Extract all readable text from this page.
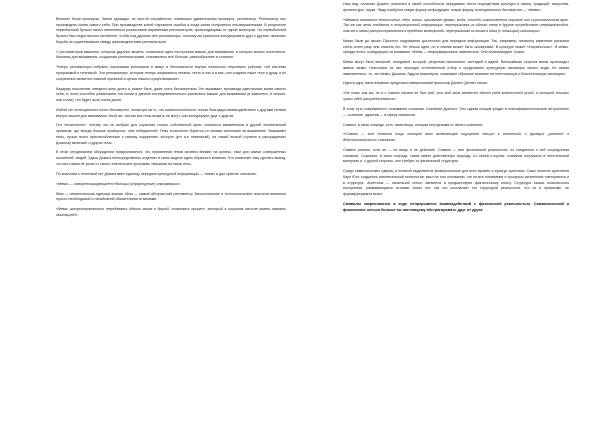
Вначале были молекулы. Затем однажды, по чистой случайности, появилась удивительная молекула, репликатор. Репликатор мог производить копии самого себя. При производстве копий случаются ошибки и когда копии получаются несовершенными. В результате первобытный бульон начал наполняться различными вариантами репликаторов, происходящими от одной молекулы. Но первобытный бульон был недостаточно питателен, чтобы под держать все репликаторы, поэтому им пришлось конкурировать друг с другом: началась борьба за существование между разновидностями репликаторов.

У репликаторов машинок, которым удалось выжить, появилась идея построения машин для выживания, в которых можно поселиться. Машины для выживания, созданные репликаторами, становились всё больше, разнообразнее и сложнее.

Теперь репликаторы собраны огромными колониями и живут в безопасности внутри гигантских неуклюжих роботов, той системы программой и генетикой. Эти репликаторы, которые теперь называются генами, «есть в нас и в вас; они создали наше тело и душу, и их сохранение является главной причиной и целью нашего существования».

Каждому поколению отведено жить долго и, может быть, даже стать бессмертным. Ген выживает, производя идентичные копии самого себя; и, если способен размножить эти копии в данной последовательности различных машин для выживания (в животных, в сначал, они телах), ген будет жить очень долго.

Любой ген потенциально почти бессмертен, несмотря на то, что жизнеспособность только благодаря взаимодействию с другими генами внутри машин для выживания. Иной же, так как все гены выжить не могут, они конкурируют друг с другом.

Ген «эгоистичен», потому что он выбран для служения только собственной цели: оказаться вживлённым в другой человеческий организм, где всегда больше проворных, чем победителей. Гены эгоистично борются со своими аллелями за выживание. Выживают гены, лучше всего приспособленные к своему окружению, которое (кот и-е невзначай), на самой низкой ступени в рассуждениях Докинза) включает и другие гены.

В этом сегодняшнем обсуждении предполагается, что проявления генов активно влияют на органы, таки для самых совершенных носителей, людей. Здесь Докинз непосредственно отделяет в свою модель идею образного влияния. Это позволяет ему сделать вывод, что мы с вами не ушли от своих генетических программ, невзирая на наши гены.

По аналогии с генетикой ген Докинз ввёл единицу передачи культурной информации — «мем» и дал краткое описание:

«Мемы — самореплицирующиеся единицы (структурные) информации».

Мем — семантическая единица знания. Мем — самый абстрактный репликатор. Биологические и технологические носители являются просто необходимой и неизбежной обязательности мемами.

«Мемы распространяются, передаваясь одного мозга в другой, становясь процесс, который в широком смысле можно назвать имитацией».

Наш вид, полагает Докинз, уникален в своей способности передавать нечто посредством культуры и языка, традиций, искусства, архитектуры, науки. Люди изобрели новую форму репродукции, новую форму потенциального бессмертия — «мемы».

«Мемами являются неотличные, идеи, языки, крылатые фразы, мода, способы изготовления горшков или строительства арок. Так же как гены плодятся в популяционной информации, перепрыгивая из одного тела в другое посредством сперматозоидов, так же и мемы распространяются в пределах мемофонда, перепрыгивая из мозга в мозг (с помощью) имитации».

Мемы были до языка. Простого подражания достаточно для передачи информации. Так, например, поначалу каменные раскопки сотни сотен разу чем описать его. Не только идеи, но и знание может быть скопирован. В культуре может «сохранилось». И мемы, прежде всего, конкурируют за внимание. Мемы — информационные заменители. Они полемизируют Слака.

Мемы могут быть внешней, иногдевой, которой, рецептом напоением, легендой и идеей. Величайшая сторона мемы произходят живые мемы. Некоторые из них проходят естественный отбор и продолжают культурную эволюцию своего вида. Но своим замечательно, то, что мемы, Докинза, будучи инженеров, оказывает обратное влияние на генетическую и биологическую эволюцию.

Идея в одну такое влиянию предложил американский философ Дэниел Деннет писал:

«Не знаю, как вы, но я с самого начала не был рад, что мой мозг является своего рода компостной кучей, в которой личинки чужих идей рассредоточатся».

В этом суть современного понимания сознания. Сознание дуально. Оно одним концом уходит в психофизиологическое антропогене — сознание, адаптив — в сферу символов.

Символ, в свою очередь, есть такая вещь, которая неотделима от своего сознания:

«Символ — это понятие лица, которое явно включающее ощущения «вещи» в значенный, о функции „угоняет“ в действительность сознания».

Символ реален, хотя он — не вещь и не действие. Символ — вне физической реальности, но соединено с ней посредством сознания. Сознание, в свою очередь, также имеет действенную природу. Со своей стороны, сознание погружено в генетический материал и, с другой стороны, оно требует от физической структуры.

Среди символических единиц и понятий выделяются универсальные для всех времён и культур архетипы. Само понятие архетипов Карл Юнг, создатель аналитической психологии, взял на том основании, что на все понимание и процессы жизненные повторяются и в структуре. Архетипы — начальной сетью, являются и предшествуют фактическому опыту. Структура наших психического восприятия, развивающаяся сотнями тысяч лет, так что составляет его структурой реальности, что их в организме, не формирующемся мозге.

Символы закрепляются в ходе непрерывных взаимодействий с физической реальностью. Символический и физические нельзя больше по-настоящему абстрагировать друг от друга
